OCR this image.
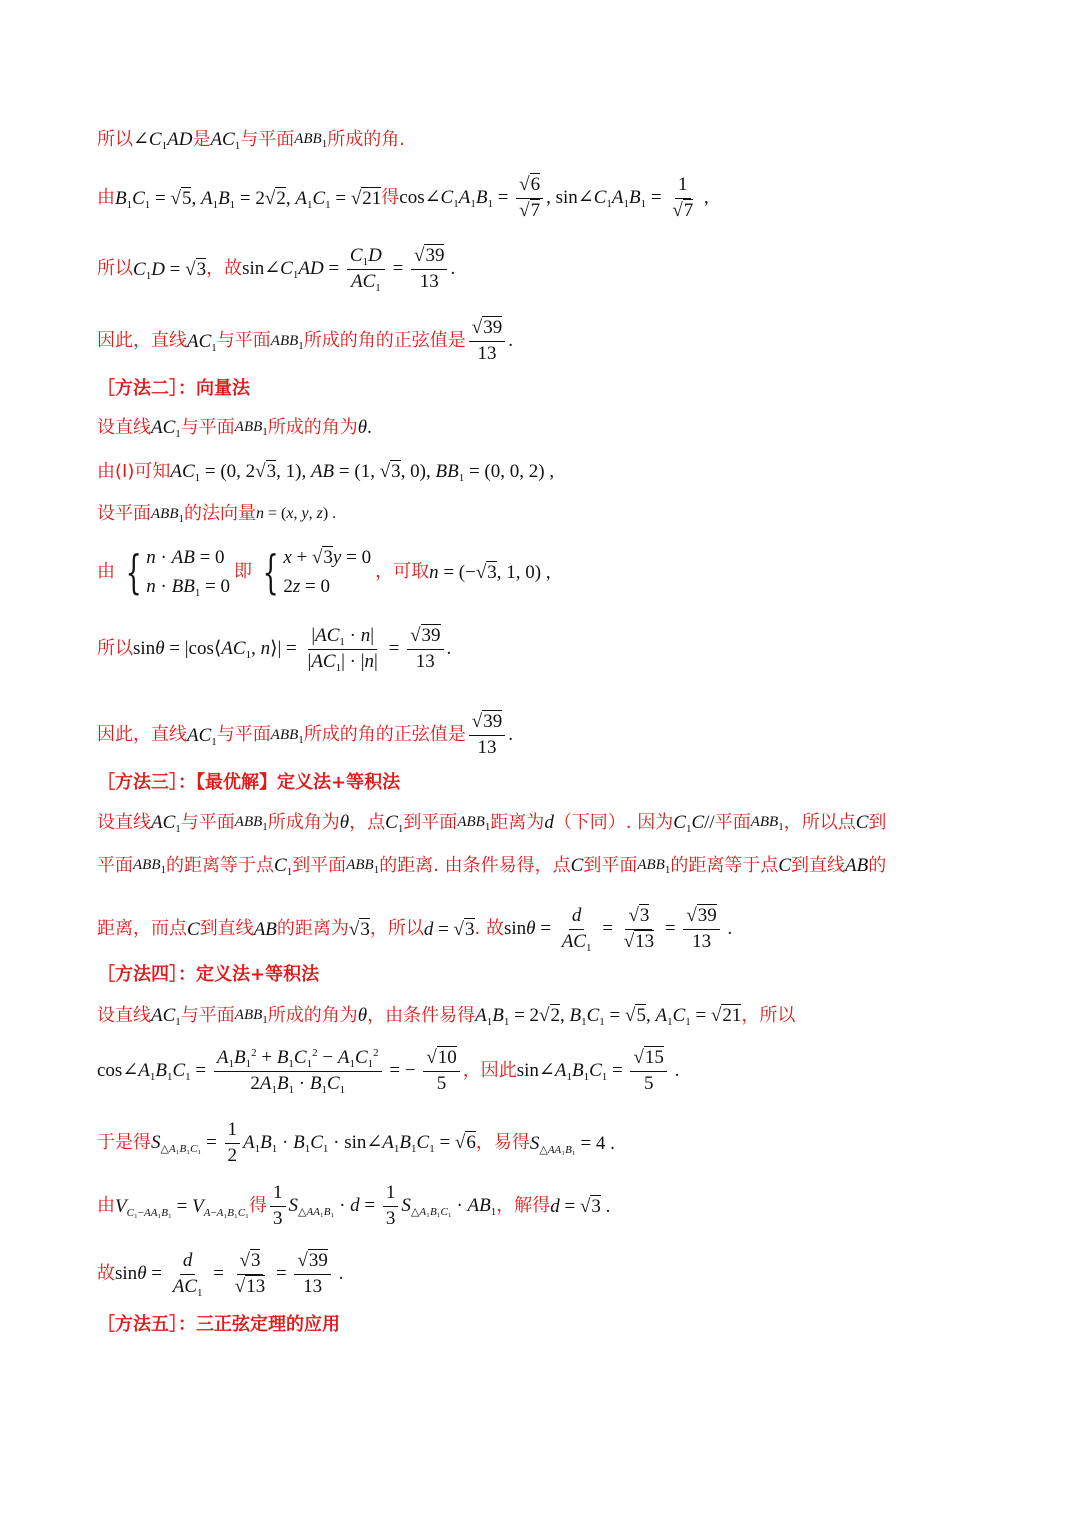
所以 $\angle C_1AD$ 是 $AC_1$ 与平面 $ABB_1$ 所成的角.
由 $B_1C_1 = √5$, $A_1B_1 = 2√2$, $A_1C_1 = √21$ 得 $\cos\angle C_1A_1B_1 = \frac{√6}{√7}$ , $\sin\angle C_1A_1B_1 = \frac{1}{√7}$ ,
所以 $C_1D = √3$ ，故 $\sin\angle C_1AD = \frac{C_1D}{AC_1} = \frac{√39}{13}$ .
因此，直线 $AC_1$ 与平面 $ABB_1$ 所成的角的正弦值是 $\frac{√39}{13}$ .
［方法二］：向量法
设直线 $AC_1$ 与平面 $ABB_1$ 所成的角为 θ.
由(I)可知 $AC_1 = (0$, 2√3, 1), AB = (1, √3, 0), $BB_1 = (0$, 0, 2) ,
设平面 $ABB_1$ 的法向量 n = (x, y, z) .
由 { n · AB = 0
$n \cdot BB_1 = 0$
即 { x + √3y = 0
2z = 0
，可取 n = (−√3, 1, 0) ,
所以 $\sin\theta = |\cos⟨AC_1$, n⟩| = $\frac{|AC_1 \cdot n|}{|AC_1| \cdot |n|} = \frac{√39}{13}$ .
因此，直线 $AC_1$ 与平面 $ABB_1$ 所成的角的正弦值是 $\frac{√39}{13}$ .
［方法三］：【最优解】定义法+等积法
设直线 $AC_1$ 与平面 $ABB_1$ 所成角为 θ ，点 $C_1$ 到平面 $ABB_1$ 距离为 d （下同）. 因为 $C_1C//$ 平面 $ABB_1$ ，所以点 C 到
平面 $ABB_1$ 的距离等于点 $C_1$ 到平面 $ABB_1$ 的距离. 由条件易得，点 C 到平面 $ABB_1$ 的距离等于点 C 到直线 AB 的
距离，而点 C 到直线 AB 的距离为 √3 ，所以 d = √3 . 故 $\sin\theta = \frac{d}{AC_1} = \frac{√3}{√13} = \frac{√39}{13}$ .
［方法四］：定义法+等积法
设直线 $AC_1$ 与平面 $ABB_1$ 所成的角为 θ ，由条件易得 $A_1B_1 = 2√2$, $B_1C_1 = √5$, $A_1C_1 = √21$ ，所以
$\cos\angle A_1B_1C_1 = \frac{A_1B_1^2 + B_1C_1^2 - A_1C_1^2}{2A_1B_1 \cdot B_1C_1}$ = − $\frac{√10}{5}$ ，因此 $\sin\angle A_1B_1C_1 = \frac{√15}{5}$ .
于是得 $S_{\triangle A_1B_1C_1} = \frac{1}{2} A_1B_1 \cdot B_1C_1$ · $\sin\angle A_1B_1C_1 = √6$ ，易得 $S_{\triangle AA_1B_1} = 4$ .
由 $V_{C_1-AA_1B_1} = V_{A-A_1B_1C_1}$ 得 $\frac{1}{3} S_{\triangle AA_1B_1} \cdot d = \frac{1}{3} S_{\triangle A_1B_1C_1} \cdot AB_1$ ，解得 d = √3 .
故 $\sin\theta = \frac{d}{AC_1} = \frac{√3}{√13} = \frac{√39}{13}$ .
［方法五］：三正弦定理的应用
